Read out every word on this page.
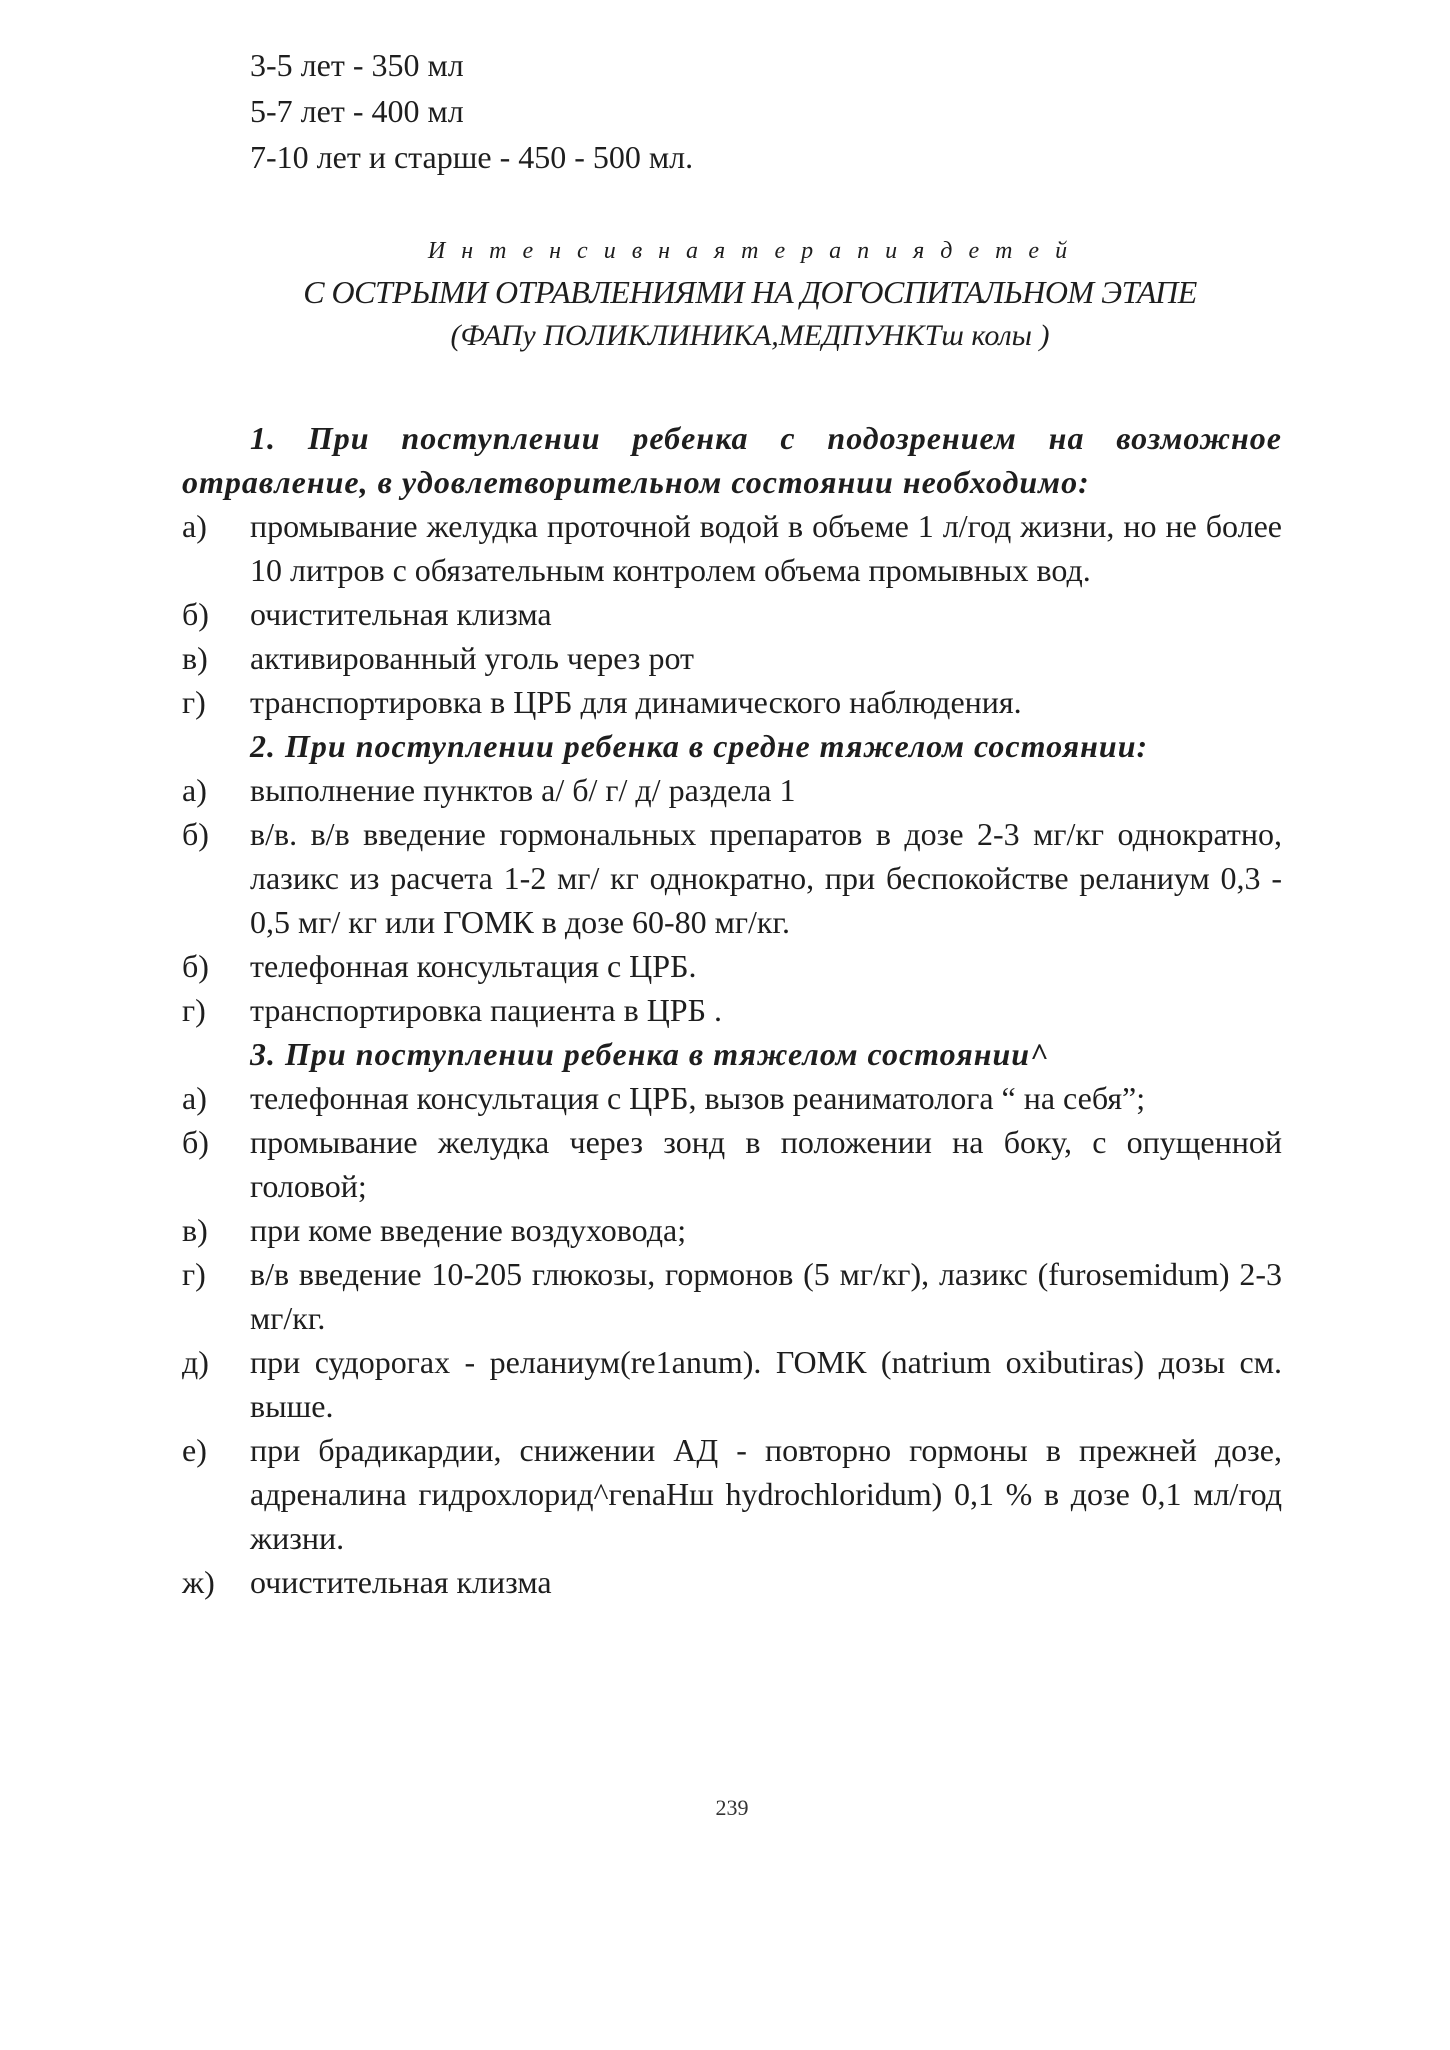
3-5 лет - 350 мл
5-7 лет - 400 мл
7-10 лет и старше - 450 - 500 мл.
И н т е н с и в н а я т е р а п и я д е т е й
С ОСТРЫМИ ОТРАВЛЕНИЯМИ НА ДОГОСПИТАЛЬНОМ ЭТАПЕ
(ФАПу ПОЛИКЛИНИКА,МЕДПУНКТш колы )
1. При поступлении ребенка с подозрением на возможное отравление, в удовлетворительном состоянии необходимо:
а)	промывание желудка проточной водой в объеме 1 л/год жизни, но не более 10 литров с обязательным контролем объема промывных вод.
б)	очистительная клизма
в)	активированный уголь через рот
г)	транспортировка в ЦРБ для динамического наблюдения.
2. При поступлении ребенка в средне тяжелом состоянии:
а)	выполнение пунктов а/ б/ г/ д/ раздела 1
б)	в/в. в/в введение гормональных препаратов в дозе 2-3 мг/кг однократно, лазикс из расчета 1-2 мг/ кг однократно, при беспокойстве реланиум 0,3 - 0,5 мг/ кг или ГОМК в дозе 60-80 мг/кг.
б)	телефонная консультация с ЦРБ.
г)	транспортировка пациента в ЦРБ .
3. При поступлении ребенка в тяжелом состоянии^
а)	телефонная консультация с ЦРБ, вызов реаниматолога “ на себя”;
б)	промывание желудка через зонд в положении на боку, с опущенной головой;
в)	при коме введение воздуховода;
г)	в/в введение 10-205 глюкозы, гормонов (5 мг/кг), лазикс (furosemidum) 2-3 мг/кг.
д)	при судорогах - реланиум(re1anum). ГОМК (natrium oxibutiras) дозы см. выше.
е)	при брадикардии, снижении АД - повторно гормоны в прежней дозе, адреналина гидрохлорид^гenaHш hydrochloridum) 0,1 % в дозе 0,1 мл/год жизни.
ж)	очистительная клизма
239
